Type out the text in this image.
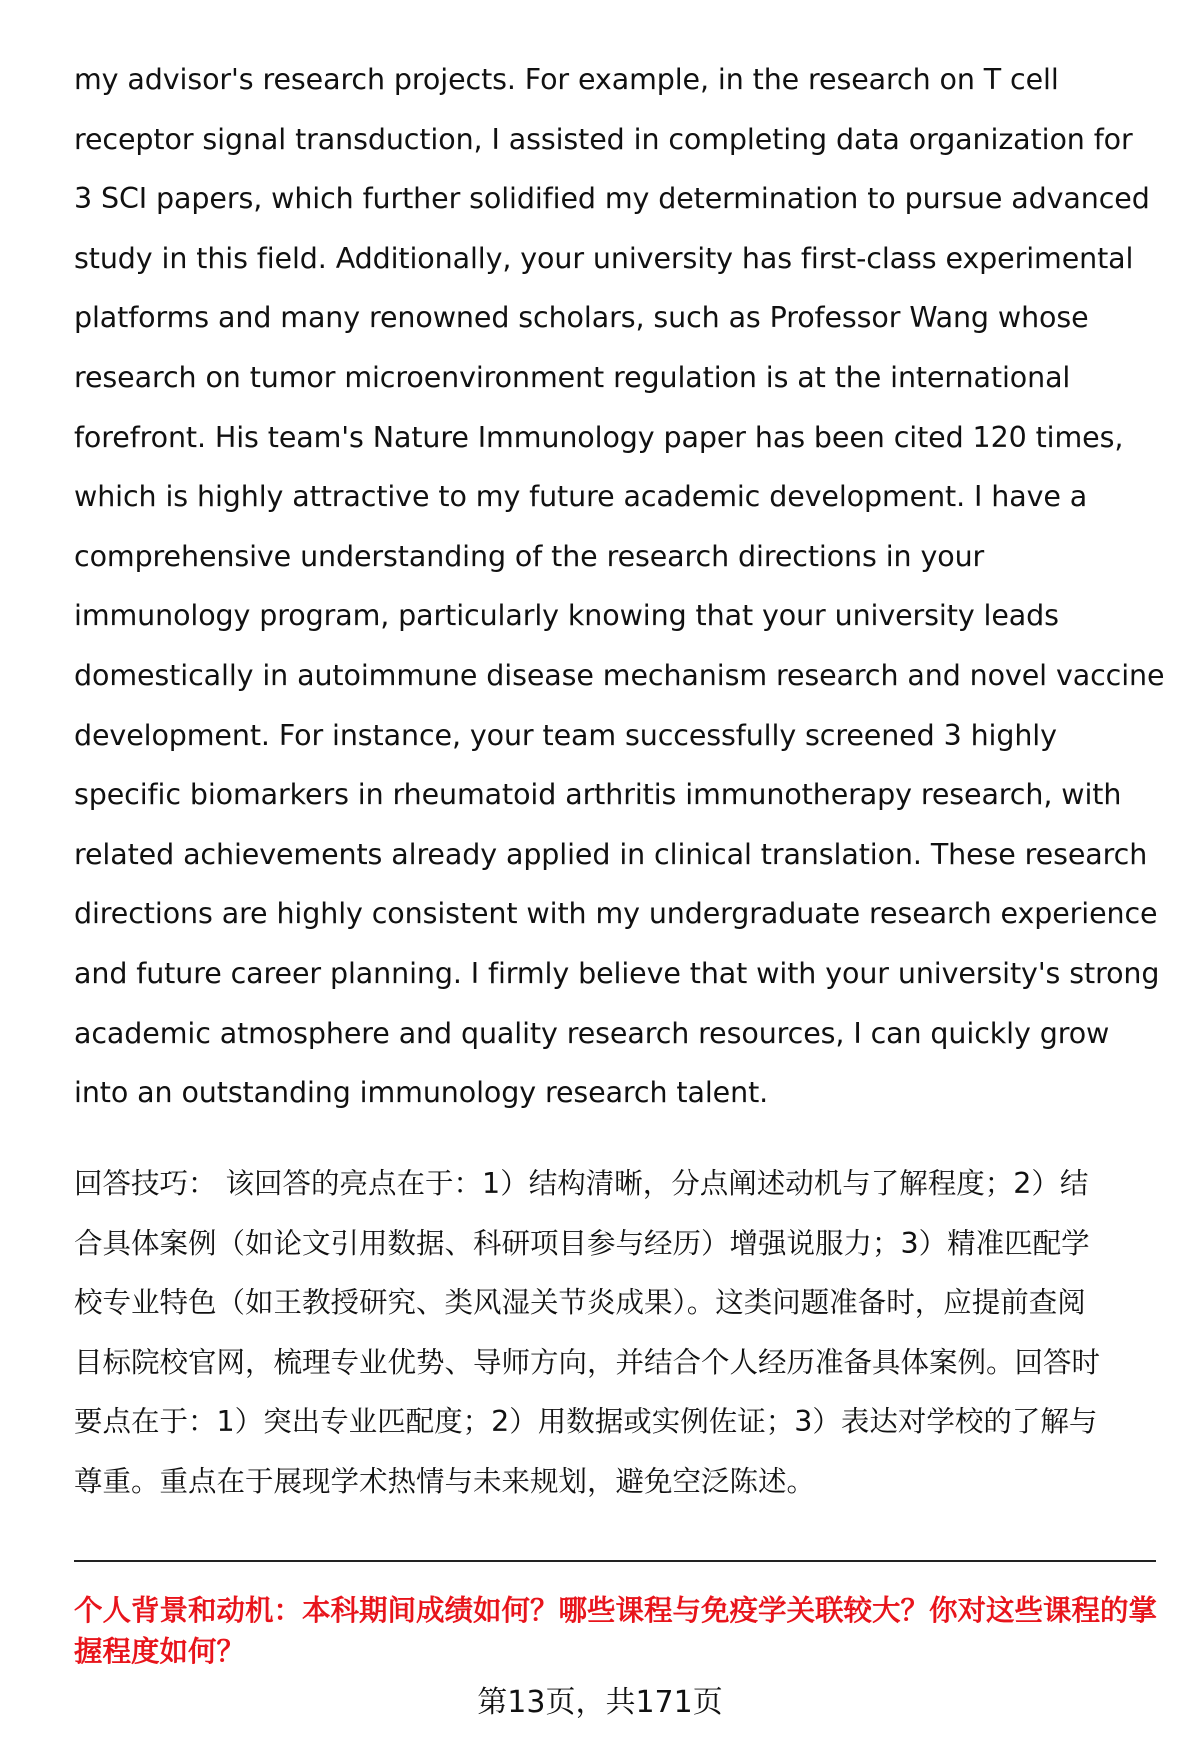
my advisor's research projects. For example, in the research on T cell
receptor signal transduction, I assisted in completing data organization for
3 SCI papers, which further solidified my determination to pursue advanced
study in this field. Additionally, your university has first-class experimental
platforms and many renowned scholars, such as Professor Wang whose
research on tumor microenvironment regulation is at the international
forefront. His team's Nature Immunology paper has been cited 120 times,
which is highly attractive to my future academic development. I have a
comprehensive understanding of the research directions in your
immunology program, particularly knowing that your university leads
domestically in autoimmune disease mechanism research and novel vaccine
development. For instance, your team successfully screened 3 highly
specific biomarkers in rheumatoid arthritis immunotherapy research, with
related achievements already applied in clinical translation. These research
directions are highly consistent with my undergraduate research experience
and future career planning. I firmly believe that with your university's strong
academic atmosphere and quality research resources, I can quickly grow
into an outstanding immunology research talent.
回答技巧： 该回答的亮点在于：1）结构清晰，分点阐述动机与了解程度；2）结
合具体案例（如论文引用数据、科研项目参与经历）增强说服力；3）精准匹配学
校专业特色（如王教授研究、类风湿关节炎成果）。这类问题准备时，应提前查阅
目标院校官网，梳理专业优势、导师方向，并结合个人经历准备具体案例。回答时
要点在于：1）突出专业匹配度；2）用数据或实例佐证；3）表达对学校的了解与
尊重。重点在于展现学术热情与未来规划，避免空泛陈述。
个人背景和动机：本科期间成绩如何？哪些课程与免疫学关联较大？你对这些课程的掌握程度如何？
第13页，共171页
